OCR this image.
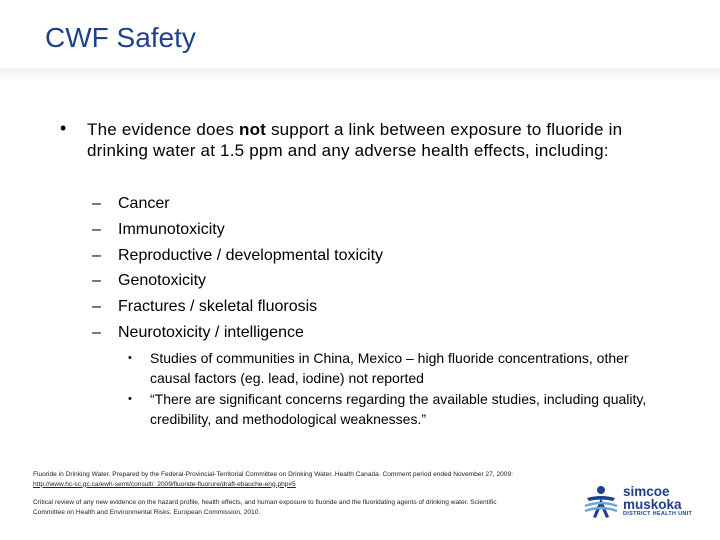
CWF Safety
• The evidence does not support a link between exposure to fluoride in drinking water at 1.5 ppm and any adverse health effects, including:
– Cancer
– Immunotoxicity
– Reproductive / developmental toxicity
– Genotoxicity
– Fractures / skeletal fluorosis
– Neurotoxicity / intelligence
• Studies of communities in China, Mexico – high fluoride concentrations, other causal factors (eg. lead, iodine) not reported
• “There are significant concerns regarding the available studies, including quality, credibility, and methodological weaknesses.”
Fluoride in Drinking Water. Prepared by the Federal-Provincial-Territorial Committee on Drinking Water. Health Canada. Comment period ended November 27, 2009: http://www.hc-sc.gc.ca/ewh-semt/consult/_2009/fluoride-fluorure/draft-ebauche-eng.php#5
Critical review of any new evidence on the hazard profile, health effects, and human exposure to fluoride and the fluoridating agents of drinking water. Scientific Committee on Health and Environmental Risks. European Commission, 2010.
simcoe
muskoka
DISTRICT HEALTH UNIT
